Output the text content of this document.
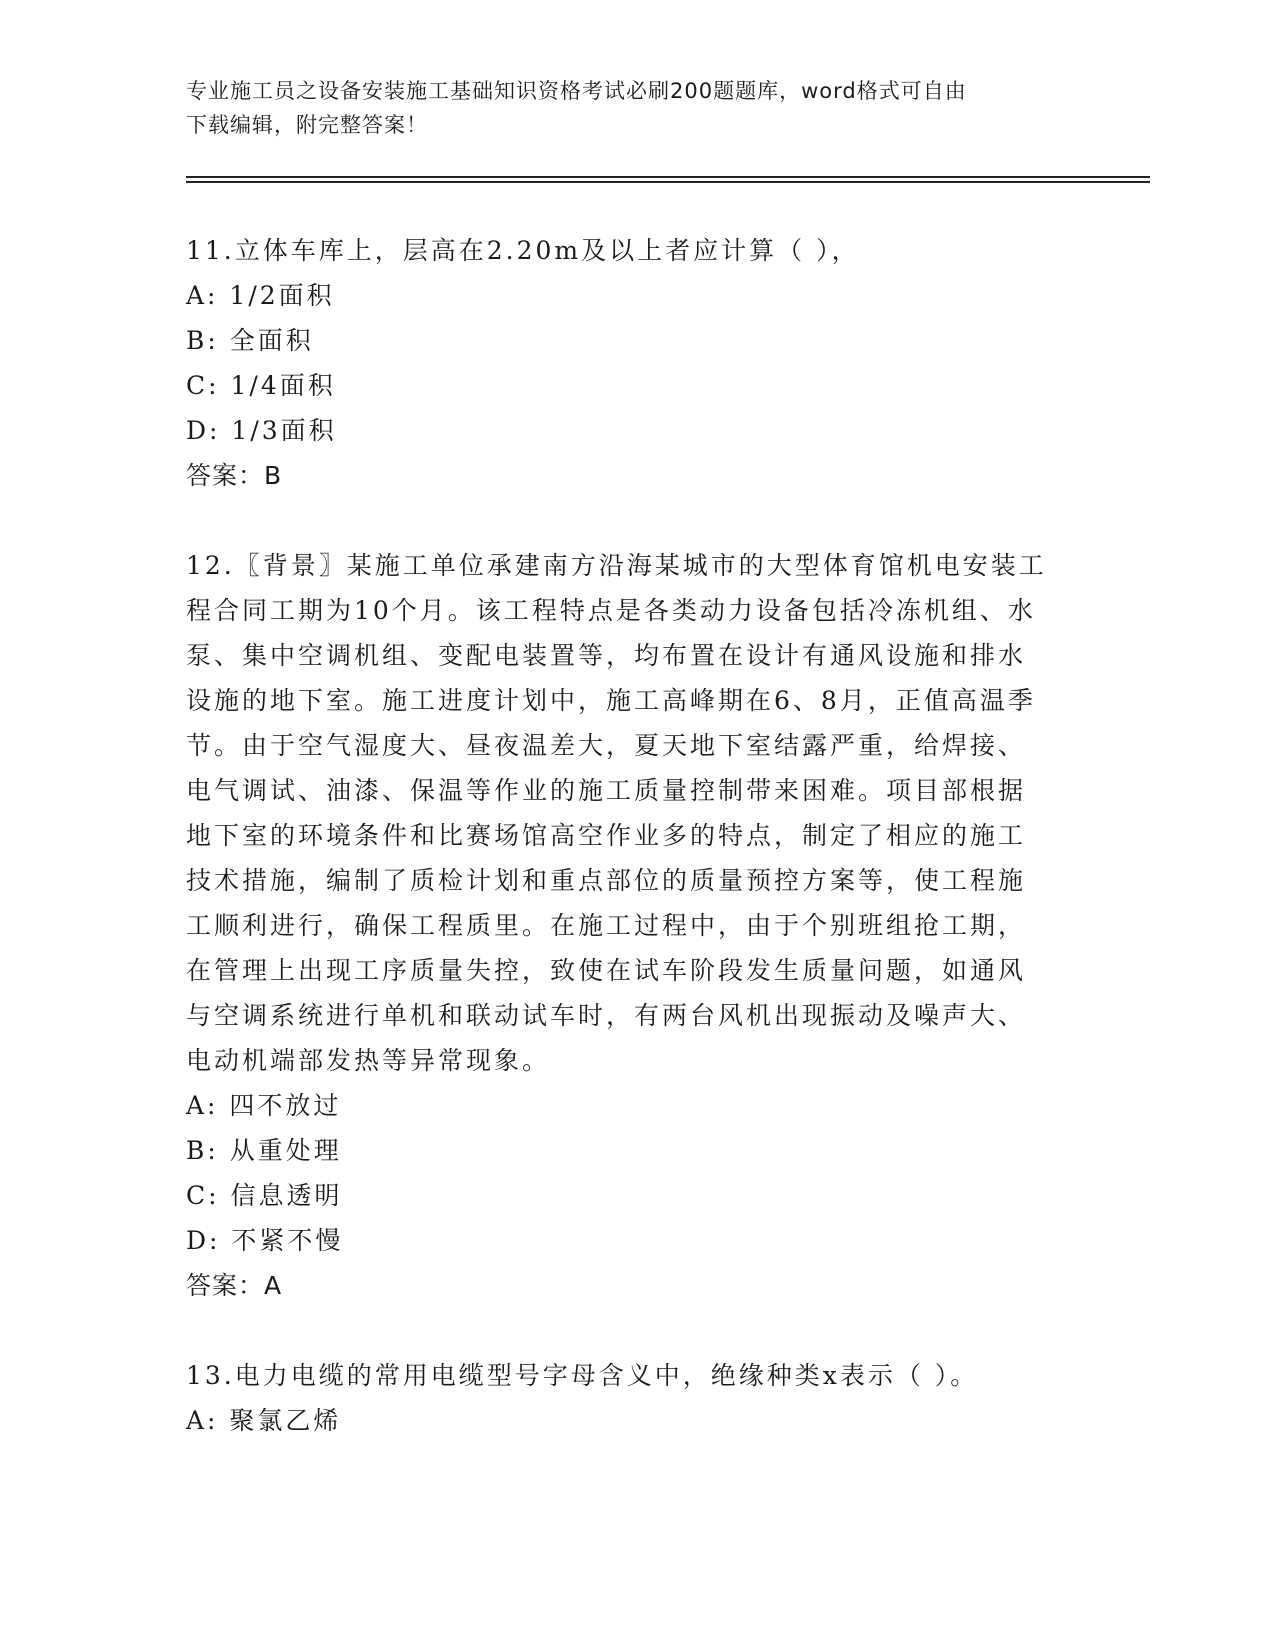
专业施工员之设备安装施工基础知识资格考试必刷200题题库，word格式可自由
下载编辑，附完整答案！

11.立体车库上，层高在2.20m及以上者应计算（ ），

A: 1/2面积

B: 全面积

C: 1/4面积

D: 1/3面积

答案：B

12.〖背景〗某施工单位承建南方沿海某城市的大型体育馆机电安装工

程合同工期为10个月。该工程特点是各类动力设备包括冷冻机组、水

泵、集中空调机组、变配电装置等，均布置在设计有通风设施和排水

设施的地下室。施工进度计划中，施工高峰期在6、8月，正值高温季

节。由于空气湿度大、昼夜温差大，夏天地下室结露严重，给焊接、

电气调试、油漆、保温等作业的施工质量控制带来困难。项目部根据

地下室的环境条件和比赛场馆高空作业多的特点，制定了相应的施工

技术措施，编制了质检计划和重点部位的质量预控方案等，使工程施

工顺利进行，确保工程质里。在施工过程中，由于个别班组抢工期，

在管理上出现工序质量失控，致使在试车阶段发生质量问题，如通风

与空调系统进行单机和联动试车时，有两台风机出现振动及噪声大、

电动机端部发热等异常现象。

A: 四不放过

B: 从重处理

C: 信息透明

D: 不紧不慢

答案：A

13.电力电缆的常用电缆型号字母含义中，绝缘种类x表示（ ）。

A: 聚氯乙烯
